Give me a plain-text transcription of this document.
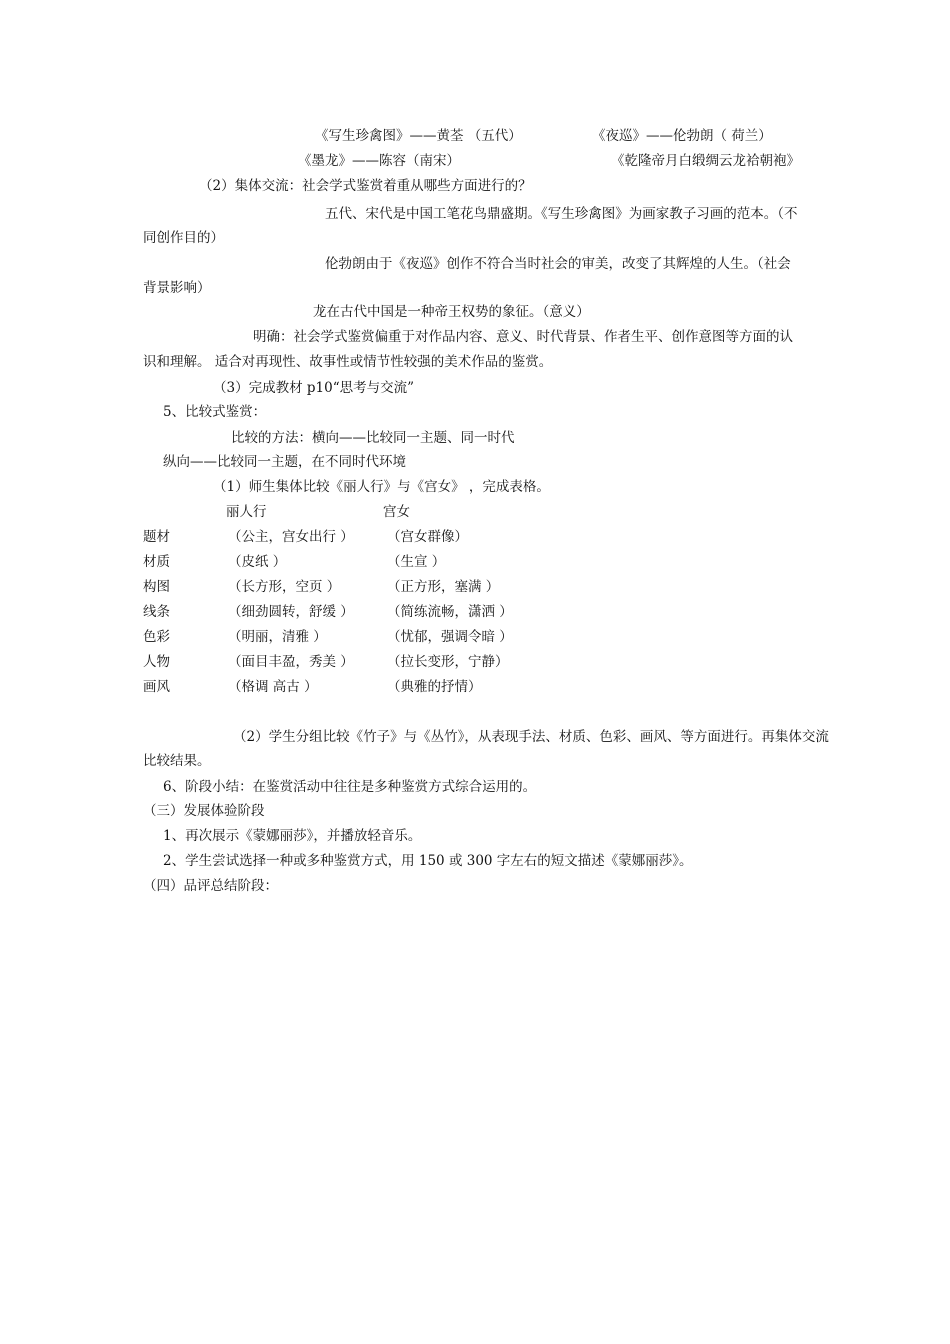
《写生珍禽图》——黄荃 （五代）	《夜巡》——伦勃朗（ 荷兰）
《墨龙》——陈容（南宋）	《乾隆帝月白缎绸云龙袷朝袍》
（2）集体交流：社会学式鉴赏着重从哪些方面进行的？
五代、宋代是中国工笔花鸟鼎盛期。《写生珍禽图》为画家教子习画的范本。（不
同创作目的）
伦勃朗由于《夜巡》创作不符合当时社会的审美，改变了其辉煌的人生。（社会
背景影响）
龙在古代中国是一种帝王权势的象征。（意义）
明确：社会学式鉴赏偏重于对作品内容、意义、时代背景、作者生平、创作意图等方面的认
识和理解。 适合对再现性、故事性或情节性较强的美术作品的鉴赏。
（3）完成教材 p10“思考与交流”
5、比较式鉴赏：
比较的方法：横向——比较同一主题、同一时代
纵向——比较同一主题，在不同时代环境
（1）师生集体比较《丽人行》与《宫女》 ，完成表格。
丽人行	宫女
题材	（公主，宫女出行 ） （宫女群像）
材质	（皮纸 ）	（生宣 ）
构图	（长方形，空页 ）	（正方形，塞满 ）
线条	（细劲圆转，舒缓 ） （简练流畅，潇洒 ）
色彩	（明丽，清雅 ）	（忧郁，强调令暗 ）
人物	（面目丰盈，秀美 ） （拉长变形，宁静）
画风	（格调 高古 ）	（典雅的抒情）
（2）学生分组比较《竹子》与《丛竹》，从表现手法、材质、色彩、画风、等方面进行。再集体交流
比较结果。
6、阶段小结：在鉴赏活动中往往是多种鉴赏方式综合运用的。
（三）发展体验阶段
1、再次展示《蒙娜丽莎》，并播放轻音乐。
2、学生尝试选择一种或多种鉴赏方式，用 150 或 300 字左右的短文描述《蒙娜丽莎》。
（四）品评总结阶段：
